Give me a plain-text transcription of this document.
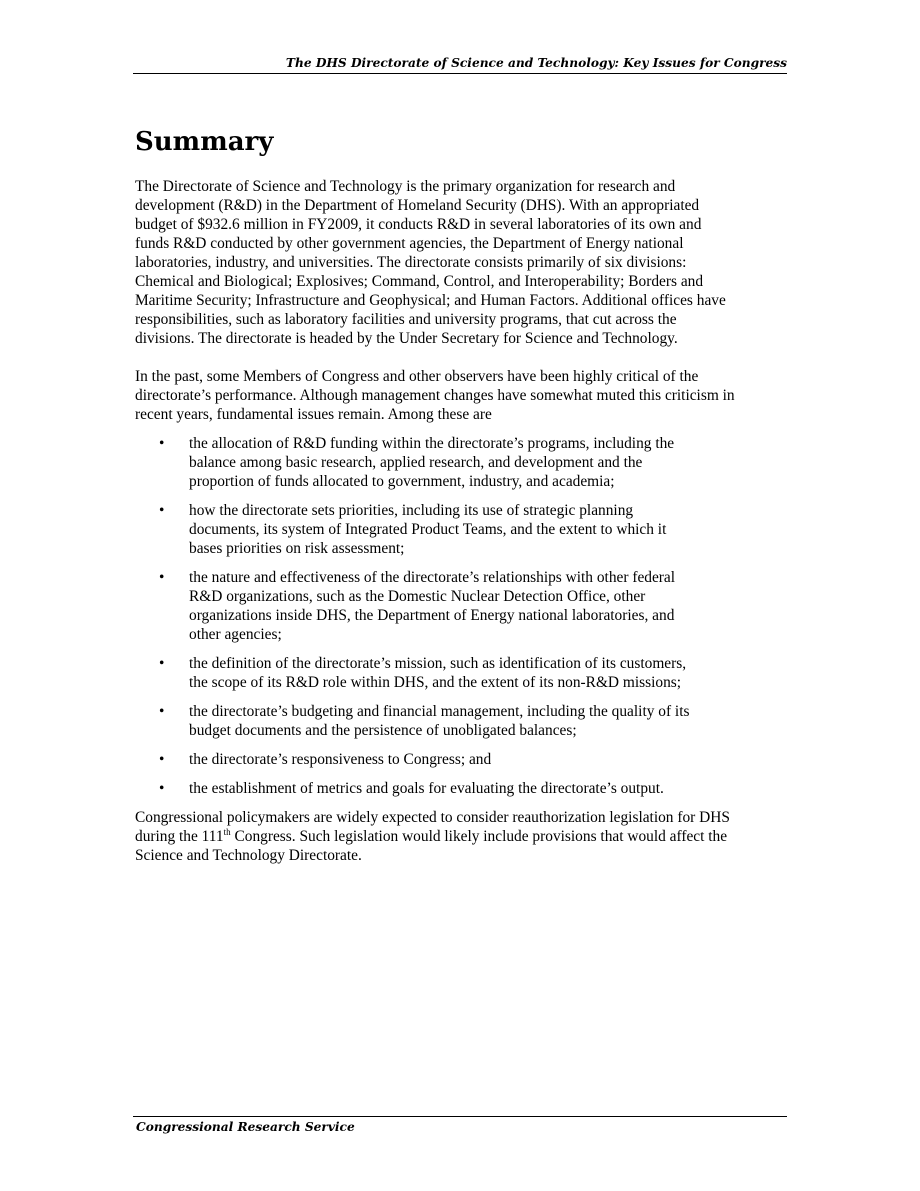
The DHS Directorate of Science and Technology: Key Issues for Congress
Summary

The Directorate of Science and Technology is the primary organization for research and
development (R&D) in the Department of Homeland Security (DHS). With an appropriated
budget of $932.6 million in FY2009, it conducts R&D in several laboratories of its own and
funds R&D conducted by other government agencies, the Department of Energy national
laboratories, industry, and universities. The directorate consists primarily of six divisions:
Chemical and Biological; Explosives; Command, Control, and Interoperability; Borders and
Maritime Security; Infrastructure and Geophysical; and Human Factors. Additional offices have
responsibilities, such as laboratory facilities and university programs, that cut across the
divisions. The directorate is headed by the Under Secretary for Science and Technology.

In the past, some Members of Congress and other observers have been highly critical of the
directorate’s performance. Although management changes have somewhat muted this criticism in
recent years, fundamental issues remain. Among these are

• the allocation of R&D funding within the directorate’s programs, including the
balance among basic research, applied research, and development and the
proportion of funds allocated to government, industry, and academia;
• how the directorate sets priorities, including its use of strategic planning
documents, its system of Integrated Product Teams, and the extent to which it
bases priorities on risk assessment;
• the nature and effectiveness of the directorate’s relationships with other federal
R&D organizations, such as the Domestic Nuclear Detection Office, other
organizations inside DHS, the Department of Energy national laboratories, and
other agencies;
• the definition of the directorate’s mission, such as identification of its customers,
the scope of its R&D role within DHS, and the extent of its non-R&D missions;
• the directorate’s budgeting and financial management, including the quality of its
budget documents and the persistence of unobligated balances;
• the directorate’s responsiveness to Congress; and
• the establishment of metrics and goals for evaluating the directorate’s output.

Congressional policymakers are widely expected to consider reauthorization legislation for DHS
during the 111th Congress. Such legislation would likely include provisions that would affect the
Science and Technology Directorate.

Congressional Research Service
